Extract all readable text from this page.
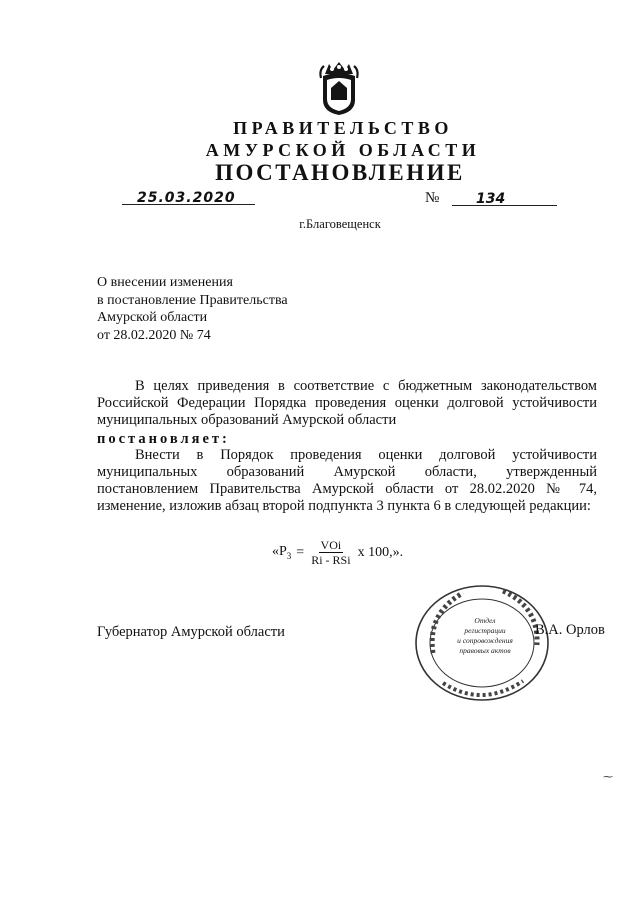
ПРАВИТЕЛЬСТВО
АМУРСКОЙ ОБЛАСТИ
ПОСТАНОВЛЕНИЕ
25.03.2020	№	134
г.Благовещенск
О внесении изменения
в постановление Правительства
Амурской области
от 28.02.2020 № 74
В целях приведения в соответствие с бюджетным законодательством Российской Федерации Порядка проведения оценки долговой устойчивости муниципальных образований Амурской области
постановляет:
Внести в Порядок проведения оценки долговой устойчивости муниципальных образований Амурской области, утвержденный постановлением Правительства Амурской области от 28.02.2020 № 74, изменение, изложив абзац второй подпункта 3 пункта 6 в следующей редакции:
«$Р_3 = \frac{\text{VOi}}{\text{Ri - RSi}}$ х 100,».
Губернатор Амурской области
Отдел
регистрации
и сопровождения
правовых актов
В.А. Орлов
⁓
